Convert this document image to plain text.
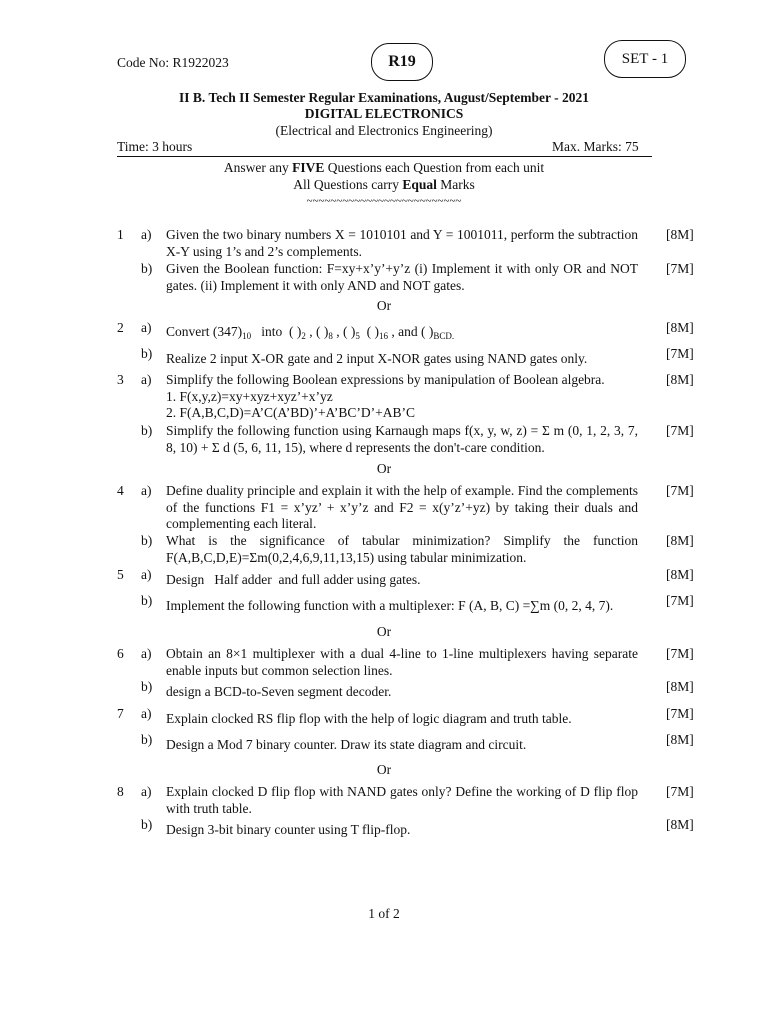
Code No: R1922023	R19	SET - 1
II B. Tech II Semester Regular Examinations, August/September - 2021
DIGITAL ELECTRONICS
(Electrical and Electronics Engineering)
Time: 3 hours	Max. Marks: 75
Answer any FIVE Questions each Question from each unit
All Questions carry Equal Marks
~~~~~~~~~~~~~~~~~~~~~~~~~~
1	a)	Given the two binary numbers X = 1010101 and Y = 1001011, perform the subtraction X-Y using 1’s and 2’s complements.
[8M]
b)	Given the Boolean function: F=xy+x’y’+y’z (i) Implement it with only OR and NOT gates. (ii) Implement it with only AND and NOT gates.
[7M]
Or
2	a)	Convert $(347)_{10}$   into  ( )$_2$ , ( )$_8$ , ( )$_5$  ( )$_{16}$ , and ( )$_{BCD.}$
[8M]
b)	Realize 2 input X-OR gate and 2 input X-NOR gates using NAND gates only.	[7M]
3	a)	Simplify the following Boolean expressions by manipulation of Boolean algebra.
1. F(x,y,z)=xy+xyz+xyz’+x’yz
2. F(A,B,C,D)=A’C(A’BD)’+A’BC’D’+AB’C
[8M]
b)	Simplify the following function using Karnaugh maps f(x, y, w, z) = Σ m (0, 1, 2, 3, 7, 8, 10) + Σ d (5, 6, 11, 15), where d represents the don't-care condition.
[7M]
Or
4	a)	Define duality principle and explain it with the help of example. Find the complements of the functions F1 = x’yz’ + x’y’z and F2 = x(y’z’+yz) by taking their duals and complementing each literal.
[7M]
b)	What is the significance of tabular minimization? Simplify the function F(A,B,C,D,E)=Σm(0,2,4,6,9,11,13,15) using tabular minimization.
[8M]
5	a)	Design   Half adder  and full adder using gates.	[8M]
b)	Implement the following function with a multiplexer: F (A, B, C) =∑m (0, 2, 4, 7).	[7M]
Or
6	a)	Obtain an 8×1 multiplexer with a dual 4-line to 1-line multiplexers having separate enable inputs but common selection lines.
[7M]
b)	design a BCD-to-Seven segment decoder.	[8M]
7	a)	Explain clocked RS flip flop with the help of logic diagram and truth table.	[7M]
b)	Design a Mod 7 binary counter. Draw its state diagram and circuit.	[8M]
Or
8	a)	Explain clocked D flip flop with NAND gates only? Define the working of D flip flop with truth table.
[7M]
b)	Design 3-bit binary counter using T flip-flop.	[8M]
1 of 2
